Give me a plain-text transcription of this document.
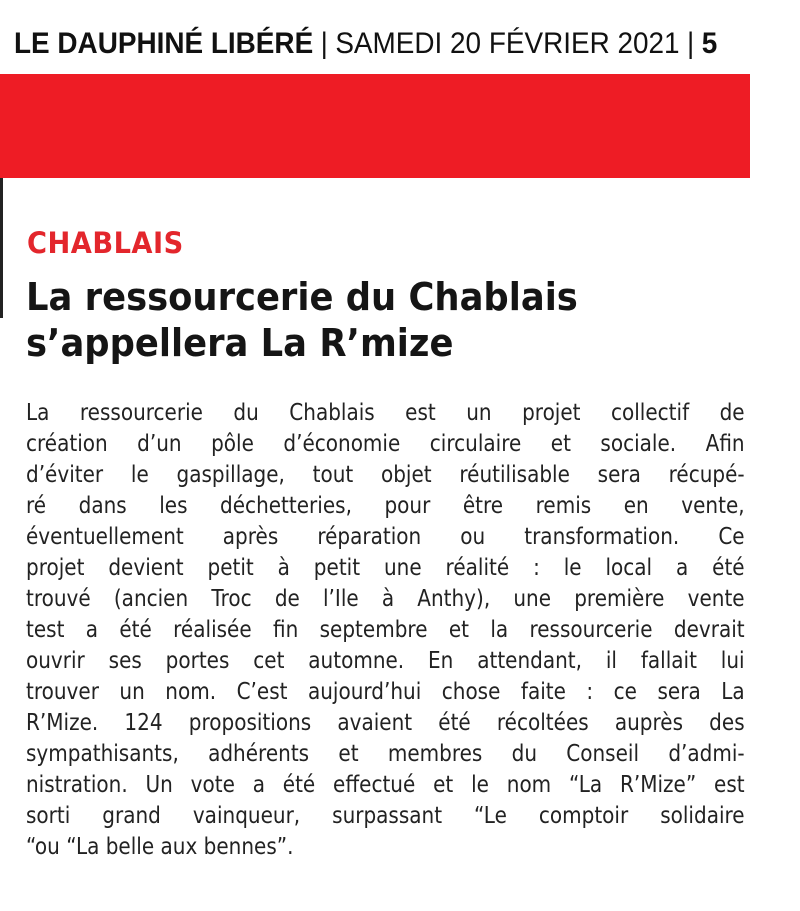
LE DAUPHINÉ LIBÉRÉ | SAMEDI 20 FÉVRIER 2021 | 5
CHABLAIS
La ressourcerie du Chablais
s’appellera La R’mize
La ressourcerie du Chablais est un projet collectif de
création d’un pôle d’économie circulaire et sociale. Afin
d’éviter le gaspillage, tout objet réutilisable sera récupé-
ré dans les déchetteries, pour être remis en vente,
éventuellement après réparation ou transformation. Ce
projet devient petit à petit une réalité : le local a été
trouvé (ancien Troc de l’Ile à Anthy), une première vente
test a été réalisée fin septembre et la ressourcerie devrait
ouvrir ses portes cet automne. En attendant, il fallait lui
trouver un nom. C’est aujourd’hui chose faite : ce sera La
R’Mize. 124 propositions avaient été récoltées auprès des
sympathisants, adhérents et membres du Conseil d’admi-
nistration. Un vote a été effectué et le nom “La R’Mize” est
sorti grand vainqueur, surpassant “Le comptoir solidaire
“ou “La belle aux bennes”.
